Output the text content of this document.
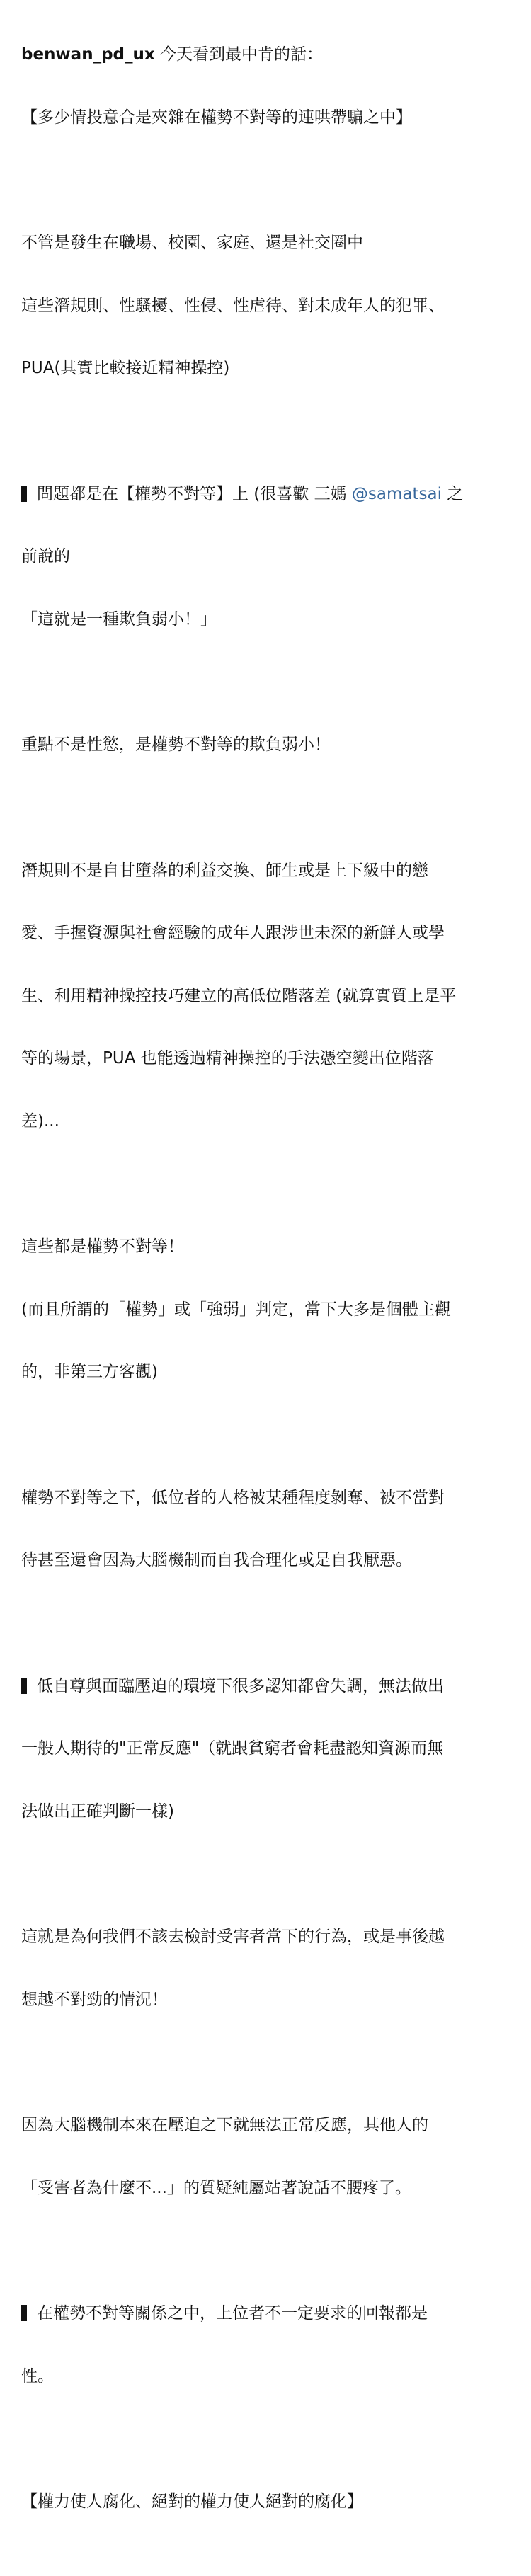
benwan_pd_ux 今天看到最中肯的話：

【多少情投意合是夾雜在權勢不對等的連哄帶騙之中】

不管是發生在職場、校園、家庭、還是社交圈中

這些潛規則、性騷擾、性侵、性虐待、對未成年人的犯罪、

PUA(其實比較接近精神操控)

問題都是在【權勢不對等】上 (很喜歡 三媽 @samatsai 之

前說的

「這就是一種欺負弱小！」

重點不是性慾，是權勢不對等的欺負弱小！

潛規則不是自甘墮落的利益交換、師生或是上下級中的戀

愛、手握資源與社會經驗的成年人跟涉世未深的新鮮人或學

生、利用精神操控技巧建立的高低位階落差 (就算實質上是平

等的場景，PUA 也能透過精神操控的手法憑空變出位階落

差)...

這些都是權勢不對等！

(而且所謂的「權勢」或「強弱」判定，當下大多是個體主觀

的，非第三方客觀)

權勢不對等之下，低位者的人格被某種程度剝奪、被不當對

待甚至還會因為大腦機制而自我合理化或是自我厭惡。

低自尊與面臨壓迫的環境下很多認知都會失調，無法做出

一般人期待的"正常反應"（就跟貧窮者會耗盡認知資源而無

法做出正確判斷一樣)

這就是為何我們不該去檢討受害者當下的行為，或是事後越

想越不對勁的情況！

因為大腦機制本來在壓迫之下就無法正常反應，其他人的

「受害者為什麼不...」的質疑純屬站著說話不腰疼了。

在權勢不對等關係之中，上位者不一定要求的回報都是

性。

【權力使人腐化、絕對的權力使人絕對的腐化】
